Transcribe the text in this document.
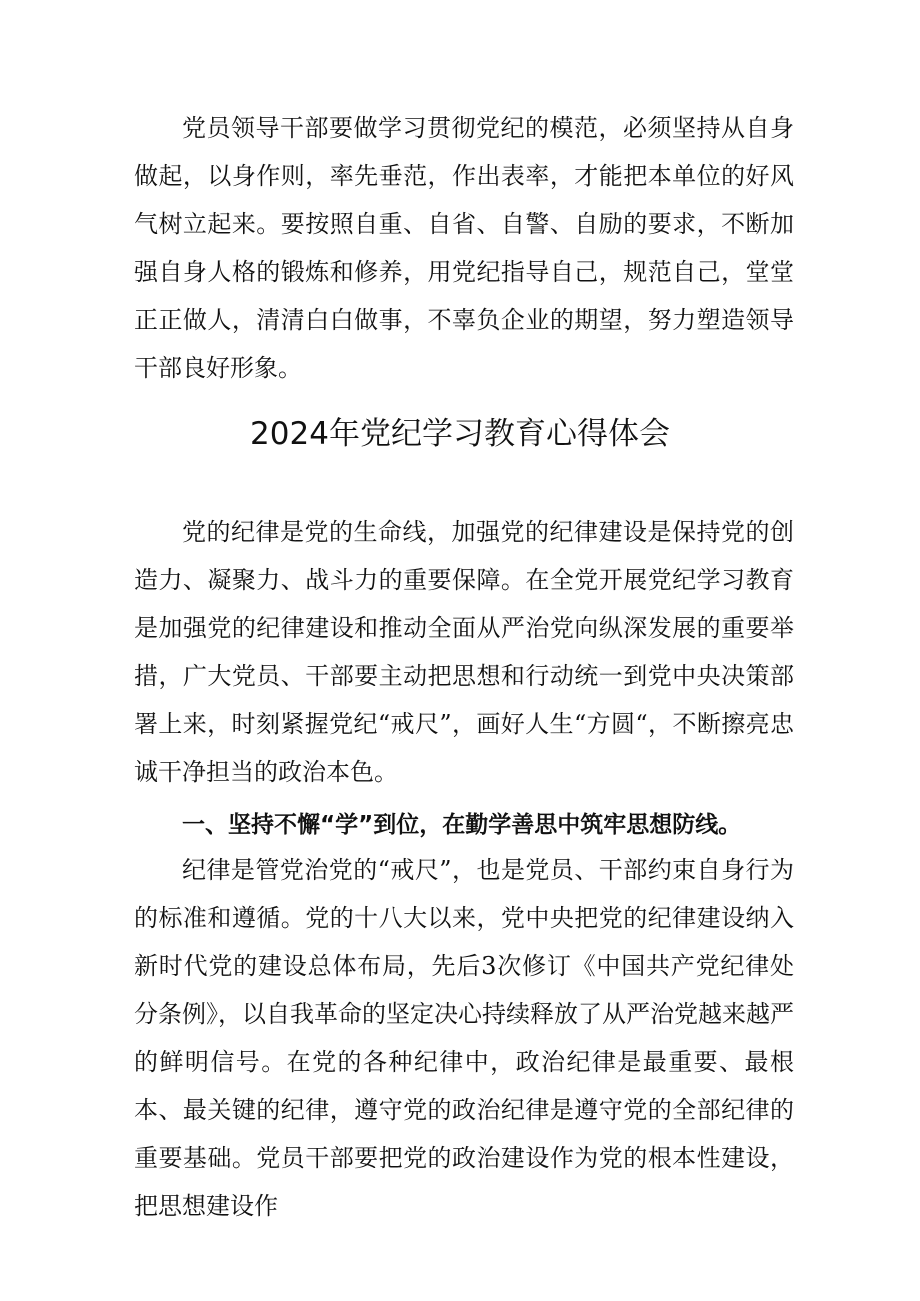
党员领导干部要做学习贯彻党纪的模范，必须坚持从自身做起，以身作则，率先垂范，作出表率，才能把本单位的好风气树立起来。要按照自重、自省、自警、自励的要求，不断加强自身人格的锻炼和修养，用党纪指导自己，规范自己，堂堂正正做人，清清白白做事，不辜负企业的期望，努力塑造领导干部良好形象。

2024年党纪学习教育心得体会

党的纪律是党的生命线，加强党的纪律建设是保持党的创造力、凝聚力、战斗力的重要保障。在全党开展党纪学习教育是加强党的纪律建设和推动全面从严治党向纵深发展的重要举措，广大党员、干部要主动把思想和行动统一到党中央决策部署上来，时刻紧握党纪“戒尺”，画好人生“方圆“，不断擦亮忠诚干净担当的政治本色。

一、坚持不懈“学”到位，在勤学善思中筑牢思想防线。

纪律是管党治党的“戒尺”，也是党员、干部约束自身行为的标准和遵循。党的十八大以来，党中央把党的纪律建设纳入新时代党的建设总体布局，先后3次修订《中国共产党纪律处分条例》，以自我革命的坚定决心持续释放了从严治党越来越严的鲜明信号。在党的各种纪律中，政治纪律是最重要、最根本、最关键的纪律，遵守党的政治纪律是遵守党的全部纪律的重要基础。党员干部要把党的政治建设作为党的根本性建设，把思想建设作
